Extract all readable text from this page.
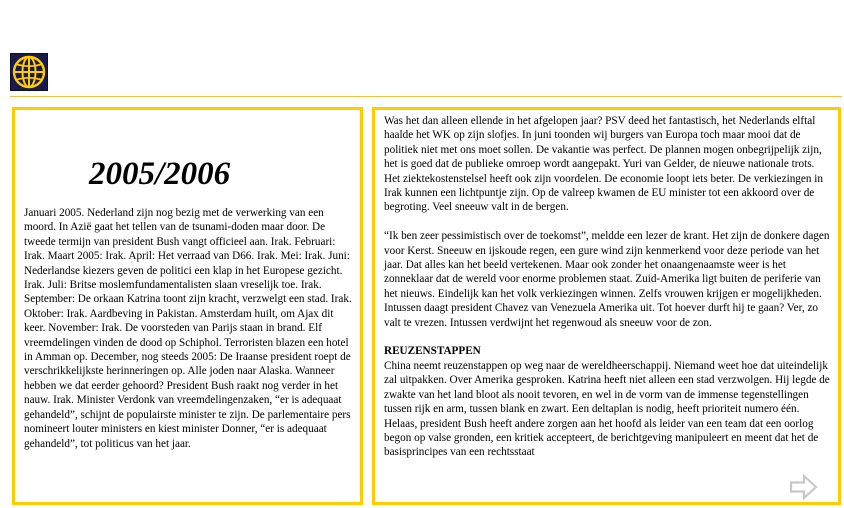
2005/2006
Januari 2005. Nederland zijn nog bezig met de verwerking van een moord. In Azië gaat het tellen van de tsunami-doden maar door. De tweede termijn van president Bush vangt officieel aan. Irak. Februari: Irak. Maart 2005: Irak. April: Het verraad van D66. Irak. Mei: Irak. Juni: Nederlandse kiezers geven de politici een klap in het Europese gezicht. Irak. Juli: Britse moslemfundamentalisten slaan vreselijk toe. Irak. September: De orkaan Katrina toont zijn kracht, verzwelgt een stad. Irak. Oktober: Irak. Aardbeving in Pakistan. Amsterdam huilt, om Ajax dit keer. November: Irak. De voorsteden van Parijs staan in brand. Elf vreemdelingen vinden de dood op Schiphol. Terroristen blazen een hotel in Amman op. December, nog steeds 2005: De Iraanse president roept de verschrikkelijkste herinneringen op. Alle joden naar Alaska. Wanneer hebben we dat eerder gehoord? President Bush raakt nog verder in het nauw. Irak. Minister Verdonk van vreemdelingenzaken, “er is adequaat gehandeld”, schijnt de populairste minister te zijn. De parlementaire pers nomineert louter ministers en kiest minister Donner, “er is adequaat gehandeld”, tot politicus van het jaar.

Was het dan alleen ellende in het afgelopen jaar? PSV deed het fantastisch, het Nederlands elftal haalde het WK op zijn slofjes. In juni toonden wij burgers van Europa toch maar mooi dat de politiek niet met ons moet sollen. De vakantie was perfect. De plannen mogen onbegrijpelijk zijn, het is goed dat de publieke omroep wordt aangepakt. Yuri van Gelder, de nieuwe nationale trots. Het ziektekostenstelsel heeft ook zijn voordelen. De economie loopt iets beter. De verkiezingen in Irak kunnen een lichtpuntje zijn. Op de valreep kwamen de EU minister tot een akkoord over de begroting. Veel sneeuw valt in de bergen.

“Ik ben zeer pessimistisch over de toekomst”, meldde een lezer de krant. Het zijn de donkere dagen voor Kerst. Sneeuw en ijskoude regen, een gure wind zijn kenmerkend voor deze periode van het jaar. Dat alles kan het beeld vertekenen. Maar ook zonder het onaangenaamste weer is het zonneklaar dat de wereld voor enorme problemen staat. Zuid-Amerika ligt buiten de periferie van het nieuws. Eindelijk kan het volk verkiezingen winnen. Zelfs vrouwen krijgen er mogelijkheden. Intussen daagt president Chavez van Venezuela Amerika uit. Tot hoever durft hij te gaan? Ver, zo valt te vrezen. Intussen verdwijnt het regenwoud als sneeuw voor de zon.

REUZENSTAPPEN
China neemt reuzenstappen op weg naar de wereldheerschappij. Niemand weet hoe dat uiteindelijk zal uitpakken. Over Amerika gesproken. Katrina heeft niet alleen een stad verzwolgen. Hij legde de zwakte van het land bloot als nooit tevoren, en wel in de vorm van de immense tegenstellingen tussen rijk en arm, tussen blank en zwart. Een deltaplan is nodig, heeft prioriteit numero één. Helaas, president Bush heeft andere zorgen aan het hoofd als leider van een team dat een oorlog begon op valse gronden, een kritiek accepteert, de berichtgeving manipuleert en meent dat het de basisprincipes van een rechtsstaat
